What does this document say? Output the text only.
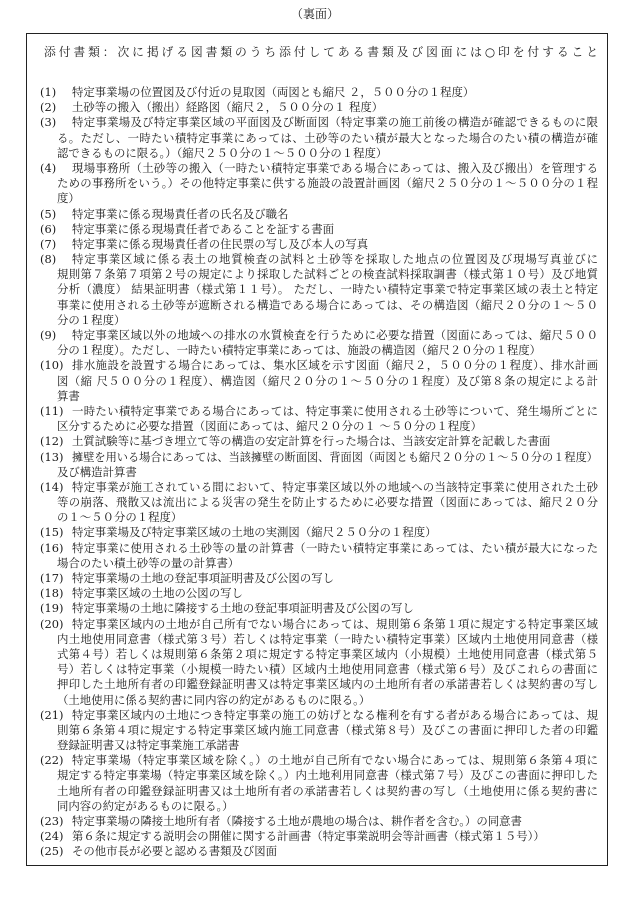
（裏面）
添付書類：次に掲げる図書類のうち添付してある書類及び図面には○印を付すること
(1) 特定事業場の位置図及び付近の見取図（両図とも縮尺 ２，５００分の１程度）
(2) 土砂等の搬入（搬出）経路図（縮尺２，５００分の１ 程度）
(3) 特定事業場及び特定事業区域の平面図及び断面図（特定事業の施工前後の構造が確認できるものに限
る。ただし、一時たい積特定事業にあっては、土砂等のたい積が最大となった場合のたい積の構造が確
認できるものに限る。）（縮尺２５０分の１～５００分の１程度）
(4) 現場事務所（土砂等の搬入（一時たい積特定事業である場合にあっては、搬入及び搬出）を管理する
ための事務所をいう。）その他特定事業に供する施設の設置計画図（縮尺２５０分の１～５００分の１程
度）
(5) 特定事業に係る現場責任者の氏名及び職名
(6) 特定事業に係る現場責任者であることを証する書面
(7) 特定事業に係る現場責任者の住民票の写し及び本人の写真
(8) 特定事業区域に係る表土の地質検査の試料と土砂等を採取した地点の位置図及び現場写真並びに
規則第７条第７項第２号の規定により採取した試料ごとの検査試料採取調書（様式第１０号）及び地質
分析（濃度） 結果証明書（様式第１１号）。 ただし、一時たい積特定事業で特定事業区域の表土と特定
事業に使用される土砂等が遮断される構造である場合にあっては、その構造図（縮尺２０分の１～５０
分の１程度）
(9) 特定事業区域以外の地域への排水の水質検査を行うために必要な措置（図面にあっては、縮尺５００
分の１程度）。ただし、一時たい積特定事業にあっては、施設の構造図（縮尺２０分の１程度）
(10) 排水施設を設置する場合にあっては、集水区域を示す図面（縮尺２，５００分の１程度）、排水計画
図（縮 尺５００分の１程度）、構造図（縮尺２０分の１～５０分の１程度）及び第８条の規定による計
算書
(11) 一時たい積特定事業である場合にあっては、特定事業に使用される土砂等について、発生場所ごとに
区分するために必要な措置（図面にあっては、縮尺２０分の１ ～５０分の１程度）
(12) 土質試験等に基づき埋立て等の構造の安定計算を行った場合は、当該安定計算を記載した書面
(13) 擁壁を用いる場合にあっては、当該擁壁の断面図、背面図（両図とも縮尺２０分の１～５０分の１程度）
及び構造計算書
(14) 特定事業が施工されている間において、特定事業区域以外の地域への当該特定事業に使用された土砂
等の崩落、飛散又は流出による災害の発生を防止するために必要な措置（図面にあっては、縮尺２０分
の１～５０分の１程度）
(15) 特定事業場及び特定事業区域の土地の実測図（縮尺２５０分の１程度）
(16) 特定事業に使用される土砂等の量の計算書（一時たい積特定事業にあっては、たい積が最大になった
場合のたい積土砂等の量の計算書）
(17) 特定事業場の土地の登記事項証明書及び公図の写し
(18) 特定事業区域の土地の公図の写し
(19) 特定事業場の土地に隣接する土地の登記事項証明書及び公図の写し
(20) 特定事業区域内の土地が自己所有でない場合にあっては、規則第６条第１項に規定する特定事業区域
内土地使用同意書（様式第３号）若しくは特定事業（一時たい積特定事業）区域内土地使用同意書（様
式第４号）若しくは規則第６条第２項に規定する特定事業区域内（小規模）土地使用同意書（様式第５
号）若しくは特定事業（小規模一時たい積）区域内土地使用同意書（様式第６号）及びこれらの書面に
押印した土地所有者の印鑑登録証明書又は特定事業区域内の土地所有者の承諾書若しくは契約書の写し
（土地使用に係る契約書に同内容の約定があるものに限る。）
(21) 特定事業区域内の土地につき特定事業の施工の妨げとなる権利を有する者がある場合にあっては、規
則第６条第４項に規定する特定事業区域内施工同意書（様式第８号）及びこの書面に押印した者の印鑑
登録証明書又は特定事業施工承諾書
(22) 特定事業場（特定事業区域を除く。）の土地が自己所有でない場合にあっては、規則第６条第４項に
規定する特定事業場（特定事業区域を除く。）内土地利用同意書（様式第７号）及びこの書面に押印した
土地所有者の印鑑登録証明書又は土地所有者の承諾書若しくは契約書の写し（土地使用に係る契約書に
同内容の約定があるものに限る。）
(23) 特定事業場の隣接土地所有者（隣接する土地が農地の場合は、耕作者を含む。）の同意書
(24) 第６条に規定する説明会の開催に関する計画書（特定事業説明会等計画書（様式第１５号））
(25) その他市長が必要と認める書類及び図面
